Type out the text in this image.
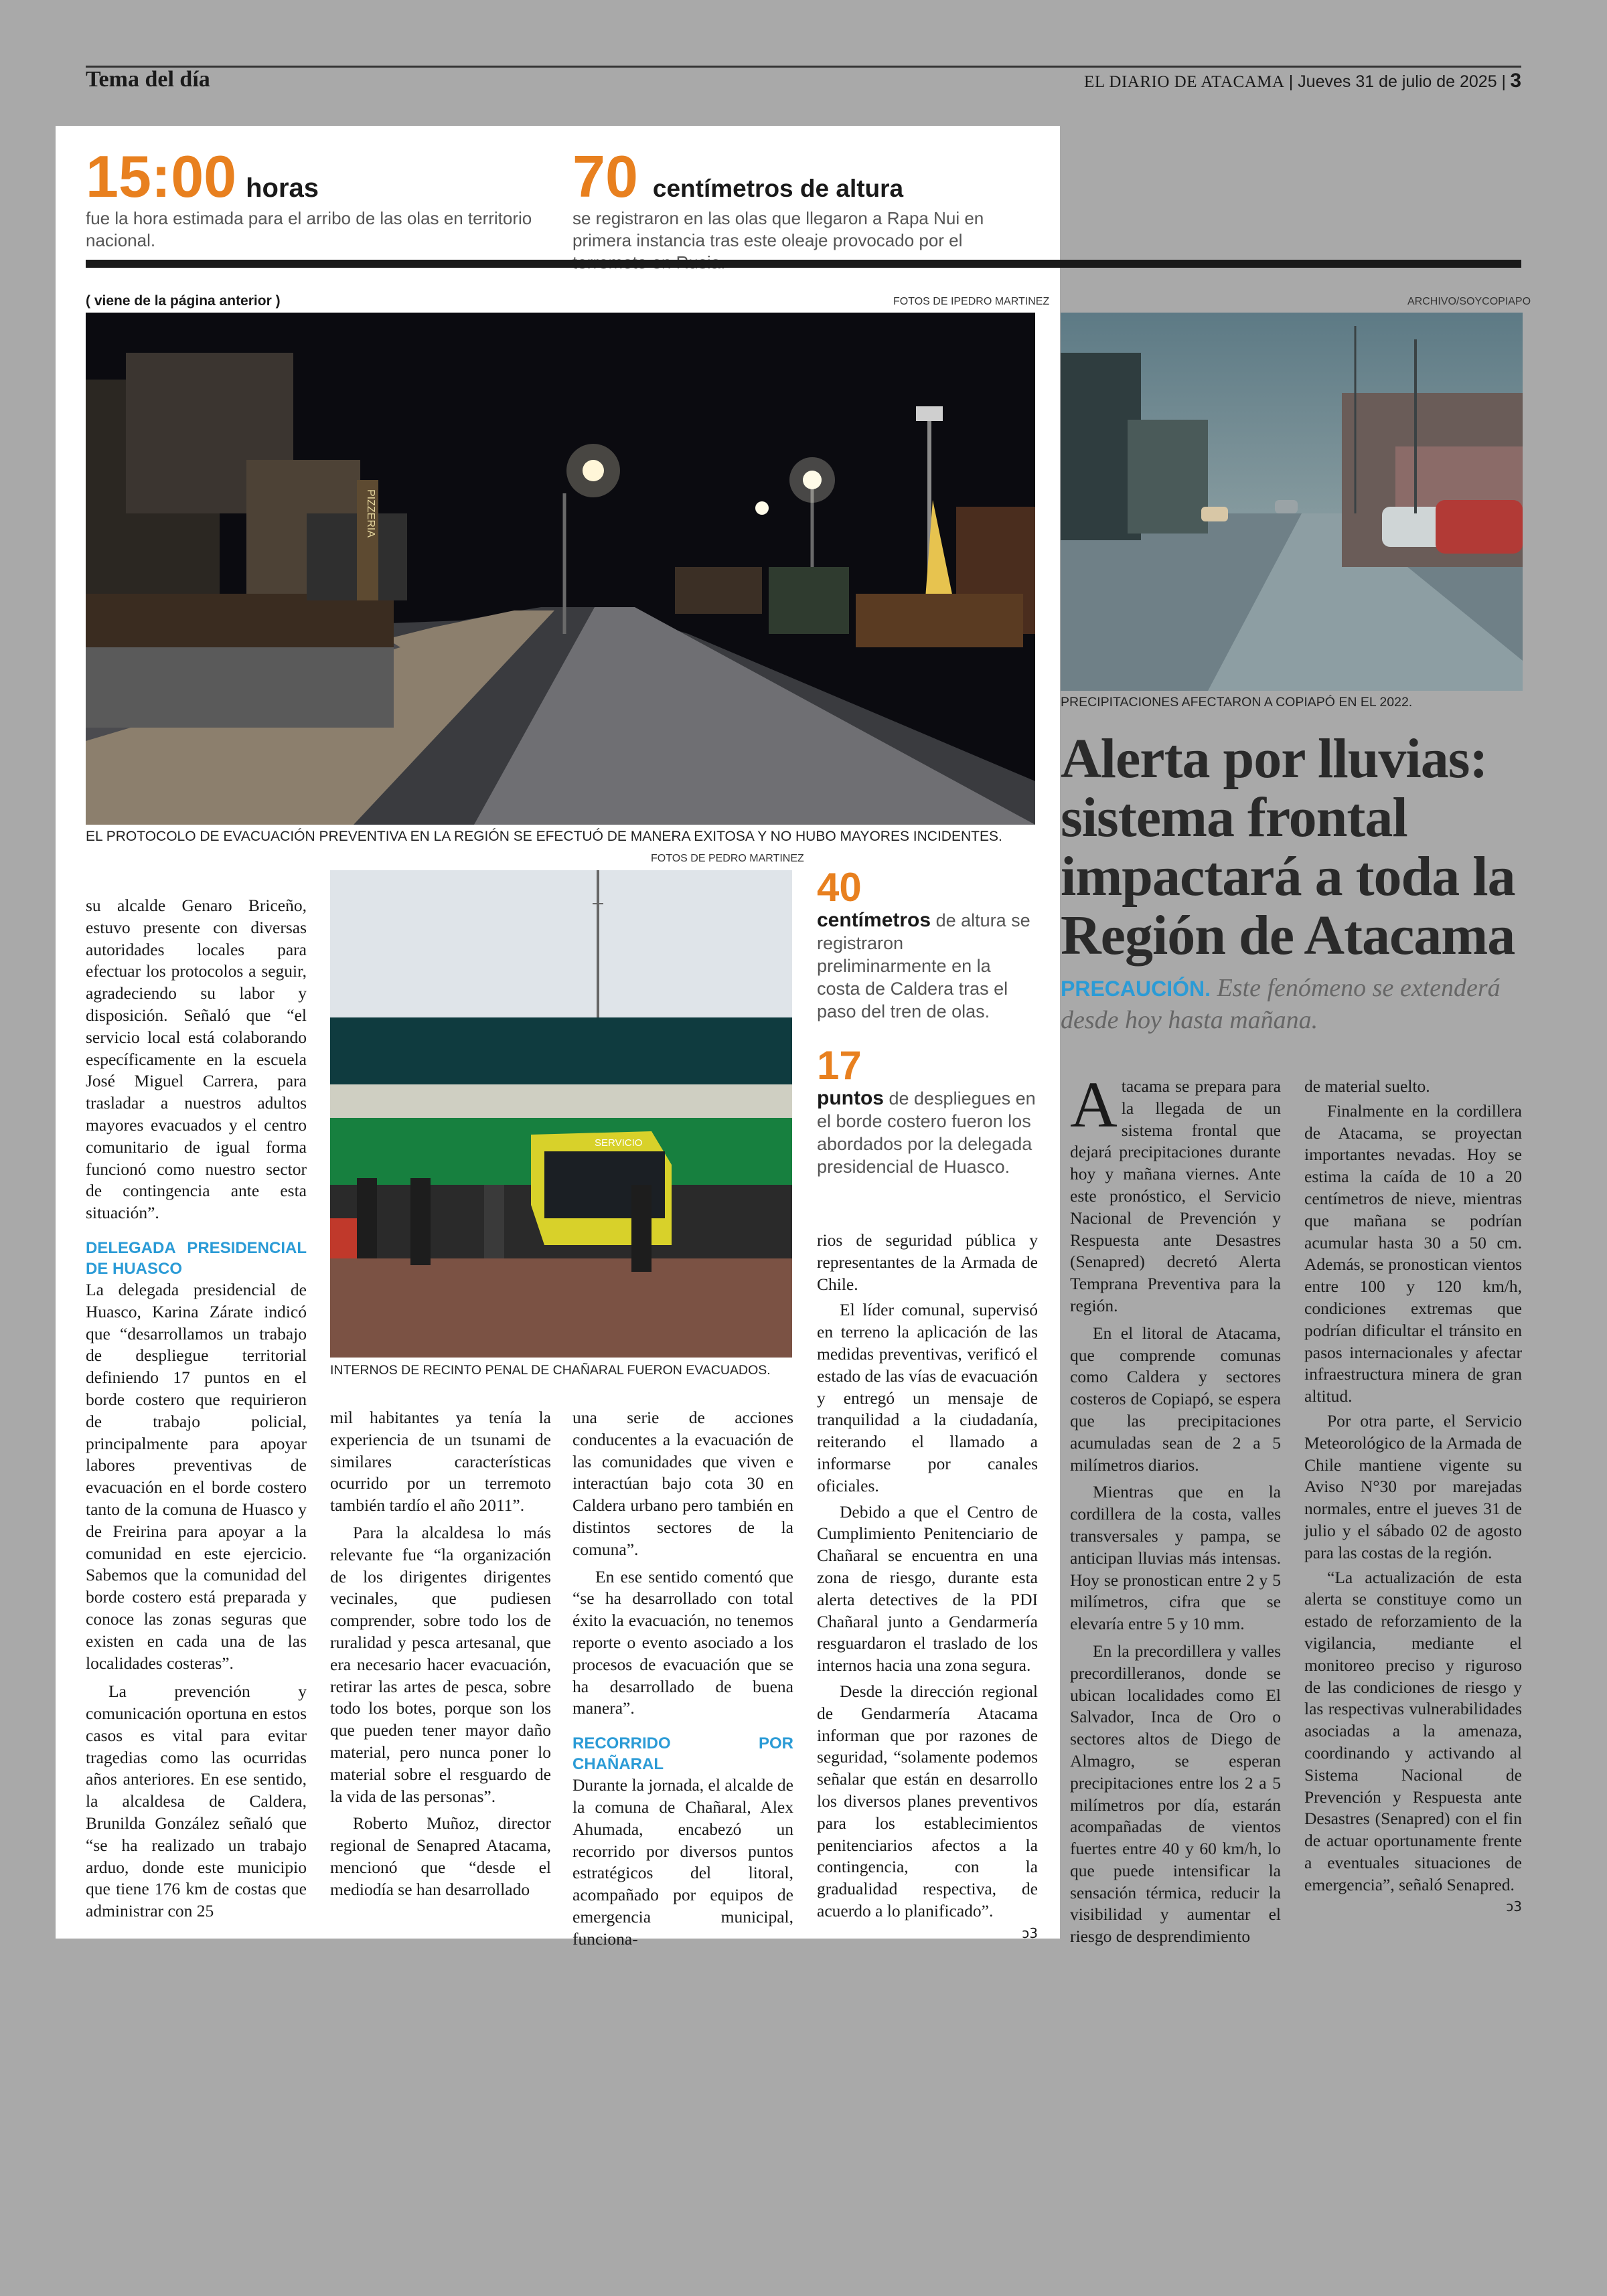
Tema del día	EL DIARIO DE ATACAMA | Jueves 31 de julio de 2025 | 3
15:00 horas
fue la hora estimada para el arribo de las olas en territorio nacional.
70 centímetros de altura
se registraron en las olas que llegaron a Rapa Nui en primera instancia tras este oleaje provocado por el
( viene de la página anterior )	FOTOS DE IPEDRO MARTINEZ	ARCHIVO/SOYCOPIAPO
PIZZERIA
EL PROTOCOLO DE EVACUACIÓN PREVENTIVA EN LA REGIÓN SE EFECTUÓ DE MANERA EXITOSA Y NO HUBO MAYORES INCIDENTES.
PRECIPITACIONES AFECTARON A COPIAPÓ EN EL 2022.
FOTOS DE PEDRO MARTINEZ
SERVICIO
INTERNOS DE RECINTO PENAL DE CHAÑARAL FUERON EVACUADOS.
40
centímetros de altura se registraron preliminarmente en la costa de Caldera tras el paso del tren de olas.
17
puntos de despliegues en el borde costero fueron los abordados por la delegada presidencial de Huasco.

su alcalde Genaro Briceño, estuvo presente con diversas autoridades locales para efectuar los protocolos a seguir, agradeciendo su labor y disposición. Señaló que “el servicio local está colaborando específicamente en la escuela José Miguel Carrera, para trasladar a nuestros adultos mayores evacuados y el centro comunitario de igual forma funcionó como nuestro sector de contingencia ante esta situación”.

DELEGADA PRESIDENCIAL DE HUASCO

La delegada presidencial de Huasco, Karina Zárate indicó que “desarrollamos un trabajo de despliegue territorial definiendo 17 puntos en el borde costero que requirieron de trabajo policial, principalmente para apoyar labores preventivas de evacuación en el borde costero tanto de la comuna de Huasco y de Freirina para apoyar a la comunidad en este ejercicio. Sabemos que la comunidad del borde costero está preparada y conoce las zonas seguras que existen en cada una de las localidades costeras”.

La prevención y comunicación oportuna en estos casos es vital para evitar tragedias como las ocurridas años anteriores. En ese sentido, la alcaldesa de Caldera, Brunilda González señaló que “se ha realizado un trabajo arduo, donde este municipio que tiene 176 km de costas que administrar con 25

mil habitantes ya tenía la experiencia de un tsunami de similares características ocurrido por un terremoto también tardío el año 2011”.

Para la alcaldesa lo más relevante fue “la organización de los dirigentes dirigentes vecinales, que pudiesen comprender, sobre todo los de ruralidad y pesca artesanal, que era necesario hacer evacuación, retirar las artes de pesca, sobre todo los botes, porque son los que pueden tener mayor daño material, pero nunca poner lo material sobre el resguardo de la vida de las personas”.

Roberto Muñoz, director regional de Senapred Atacama, mencionó que “desde el mediodía se han desarrollado

una serie de acciones conducentes a la evacuación de las comunidades que viven e interactúan bajo cota 30 en Caldera urbano pero también en distintos sectores de la comuna”.

En ese sentido comentó que “se ha desarrollado con total éxito la evacuación, no tenemos reporte o evento asociado a los procesos de evacuación que se ha desarrollado de buena manera”.

RECORRIDO POR CHAÑARAL

Durante la jornada, el alcalde de la comuna de Chañaral, Alex Ahumada, encabezó un recorrido por diversos puntos estratégicos del litoral, acompañado por equipos de emergencia municipal, funciona-

rios de seguridad pública y representantes de la Armada de Chile.

El líder comunal, supervisó en terreno la aplicación de las medidas preventivas, verificó el estado de las vías de evacuación y entregó un mensaje de tranquilidad a la ciudadanía, reiterando el llamado a informarse por canales oficiales.

Debido a que el Centro de Cumplimiento Penitenciario de Chañaral se encuentra en una zona de riesgo, durante esta alerta detectives de la PDI Chañaral junto a Gendarmería resguardaron el traslado de los internos hacia una zona segura.

Desde la dirección regional de Gendarmería Atacama informan que por razones de seguridad, “solamente podemos señalar que están en desarrollo los diversos planes preventivos para los establecimientos penitenciarios afectos a la contingencia, con la gradualidad respectiva, de acuerdo a lo planificado”.

ↄ3
Alerta por lluvias: sistema frontal impactará a toda la Región de Atacama
PRECAUCIÓN. Este fenómeno se extenderá desde hoy hasta mañana.

Atacama se prepara para la llegada de un sistema frontal que dejará precipitaciones durante hoy y mañana viernes. Ante este pronóstico, el Servicio Nacional de Prevención y Respuesta ante Desastres (Senapred) decretó Alerta Temprana Preventiva para la región.

En el litoral de Atacama, que comprende comunas como Caldera y sectores costeros de Copiapó, se espera que las precipitaciones acumuladas sean de 2 a 5 milímetros diarios.

Mientras que en la cordillera de la costa, valles transversales y pampa, se anticipan lluvias más intensas. Hoy se pronostican entre 2 y 5 milímetros, cifra que se elevaría entre 5 y 10 mm.

En la precordillera y valles precordilleranos, donde se ubican localidades como El Salvador, Inca de Oro o sectores altos de Diego de Almagro, se esperan precipitaciones entre los 2 a 5 milímetros por día, estarán acompañadas de vientos fuertes entre 40 y 60 km/h, lo que puede intensificar la sensación térmica, reducir la visibilidad y aumentar el riesgo de desprendimiento

de material suelto.

Finalmente en la cordillera de Atacama, se proyectan importantes nevadas. Hoy se estima la caída de 10 a 20 centímetros de nieve, mientras que mañana se podrían acumular hasta 30 a 50 cm. Además, se pronostican vientos entre 100 y 120 km/h, condiciones extremas que podrían dificultar el tránsito en pasos internacionales y afectar infraestructura minera de gran altitud.

Por otra parte, el Servicio Meteorológico de la Armada de Chile mantiene vigente su Aviso N°30 por marejadas normales, entre el jueves 31 de julio y el sábado 02 de agosto para las costas de la región.

“La actualización de esta alerta se constituye como un estado de reforzamiento de la vigilancia, mediante el monitoreo preciso y riguroso de las condiciones de riesgo y las respectivas vulnerabilidades asociadas a la amenaza, coordinando y activando al Sistema Nacional de Prevención y Respuesta ante Desastres (Senapred) con el fin de actuar oportunamente frente a eventuales situaciones de emergencia”, señaló Senapred.

ↄ3
